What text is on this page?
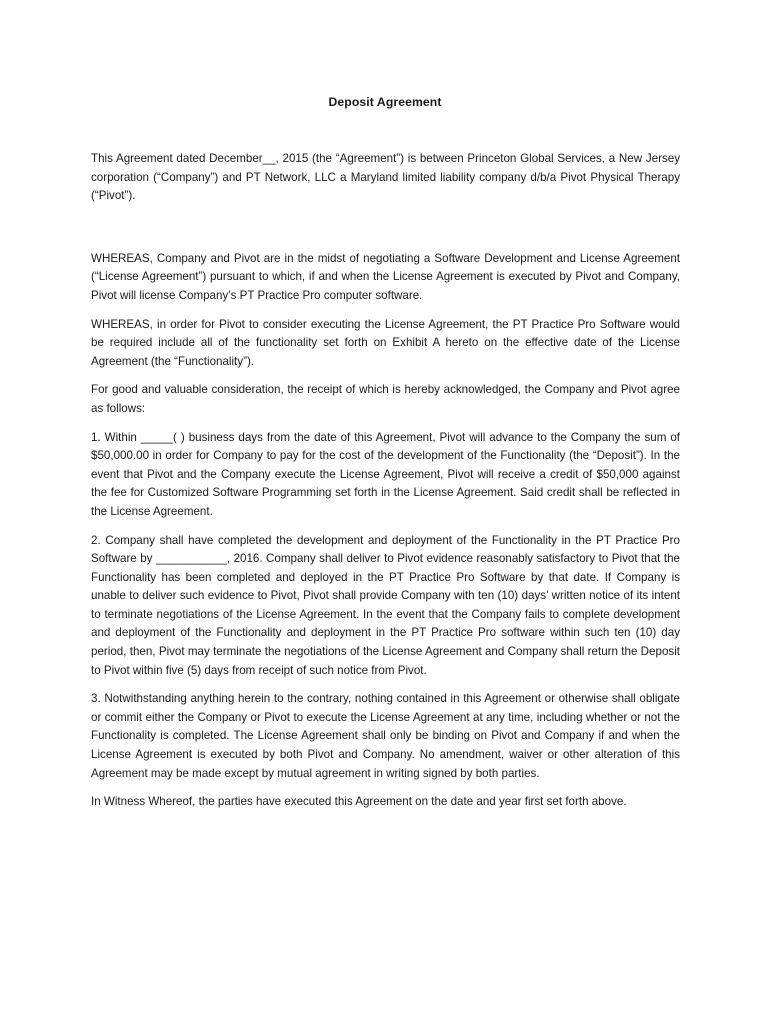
Deposit Agreement

This Agreement dated December__, 2015 (the “Agreement”) is between Princeton Global Services, a New Jersey corporation (“Company”) and PT Network, LLC a Maryland limited liability company d/b/a Pivot Physical Therapy (“Pivot”).

WHEREAS, Company and Pivot are in the midst of negotiating a Software Development and License Agreement (“License Agreement”) pursuant to which, if and when the License Agreement is executed by Pivot and Company, Pivot will license Company’s PT Practice Pro computer software.

WHEREAS, in order for Pivot to consider executing the License Agreement, the PT Practice Pro Software would be required include all of the functionality set forth on Exhibit A hereto on the effective date of the License Agreement (the “Functionality”).

For good and valuable consideration, the receipt of which is hereby acknowledged, the Company and Pivot agree as follows:

1. Within _____( ) business days from the date of this Agreement, Pivot will advance to the Company the sum of $50,000.00 in order for Company to pay for the cost of the development of the Functionality (the “Deposit”). In the event that Pivot and the Company execute the License Agreement, Pivot will receive a credit of $50,000 against the fee for Customized Software Programming set forth in the License Agreement. Said credit shall be reflected in the License Agreement.

2. Company shall have completed the development and deployment of the Functionality in the PT Practice Pro Software by ___________, 2016. Company shall deliver to Pivot evidence reasonably satisfactory to Pivot that the Functionality has been completed and deployed in the PT Practice Pro Software by that date. If Company is unable to deliver such evidence to Pivot, Pivot shall provide Company with ten (10) days’ written notice of its intent to terminate negotiations of the License Agreement. In the event that the Company fails to complete development and deployment of the Functionality and deployment in the PT Practice Pro software within such ten (10) day period, then, Pivot may terminate the negotiations of the License Agreement and Company shall return the Deposit to Pivot within five (5) days from receipt of such notice from Pivot.

3. Notwithstanding anything herein to the contrary, nothing contained in this Agreement or otherwise shall obligate or commit either the Company or Pivot to execute the License Agreement at any time, including whether or not the Functionality is completed. The License Agreement shall only be binding on Pivot and Company if and when the License Agreement is executed by both Pivot and Company. No amendment, waiver or other alteration of this Agreement may be made except by mutual agreement in writing signed by both parties.

In Witness Whereof, the parties have executed this Agreement on the date and year first set forth above.
